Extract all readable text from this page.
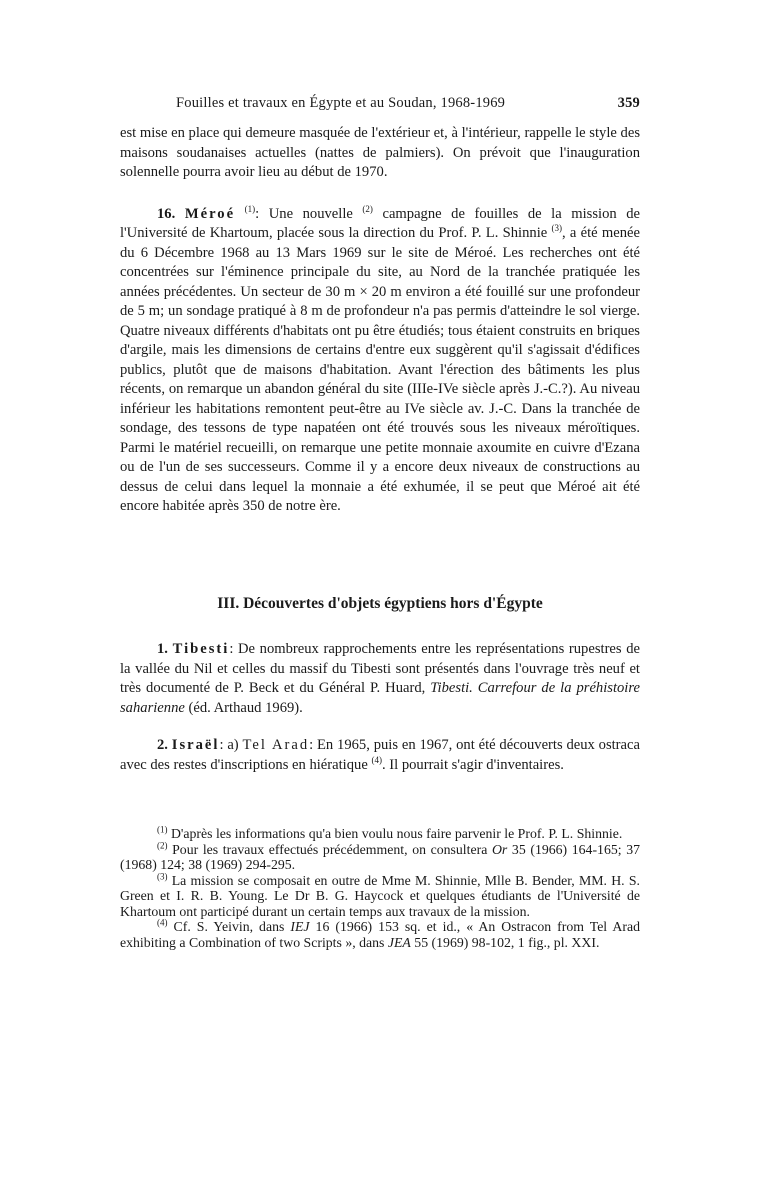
Fouilles et travaux en Égypte et au Soudan, 1968-1969	359

est mise en place qui demeure masquée de l'extérieur et, à l'intérieur, rappelle le style des maisons soudanaises actuelles (nattes de palmiers). On prévoit que l'inauguration solennelle pourra avoir lieu au début de 1970.

16. Méroé $^{(1)}$: Une nouvelle $^{(2)}$ campagne de fouilles de la mission de l'Université de Khartoum, placée sous la direction du Prof. P. L. Shinnie $^{(3)}$, a été menée du 6 Décembre 1968 au 13 Mars 1969 sur le site de Méroé. Les recherches ont été concentrées sur l'éminence principale du site, au Nord de la tranchée pratiquée les années précédentes. Un secteur de 30 m × 20 m environ a été fouillé sur une profondeur de 5 m; un sondage pratiqué à 8 m de profondeur n'a pas permis d'atteindre le sol vierge. Quatre niveaux différents d'habitats ont pu être étudiés; tous étaient construits en briques d'argile, mais les dimensions de certains d'entre eux suggèrent qu'il s'agissait d'édifices publics, plutôt que de maisons d'habitation. Avant l'érection des bâtiments les plus récents, on remarque un abandon général du site (IIIe-IVe siècle après J.-C.?). Au niveau inférieur les habitations remontent peut-être au IVe siècle av. J.-C. Dans la tranchée de sondage, des tessons de type napatéen ont été trouvés sous les niveaux méroïtiques. Parmi le matériel recueilli, on remarque une petite monnaie axoumite en cuivre d'Ezana ou de l'un de ses successeurs. Comme il y a encore deux niveaux de constructions au dessus de celui dans lequel la monnaie a été exhumée, il se peut que Méroé ait été encore habitée après 350 de notre ère.

III. Découvertes d'objets égyptiens hors d'Égypte

1. Tibesti: De nombreux rapprochements entre les représentations rupestres de la vallée du Nil et celles du massif du Tibesti sont présentés dans l'ouvrage très neuf et très documenté de P. Beck et du Général P. Huard, Tibesti. Carrefour de la préhistoire saharienne (éd. Arthaud 1969).

2. Israël: a) Tel Arad: En 1965, puis en 1967, ont été découverts deux ostraca avec des restes d'inscriptions en hiératique $^{(4)}$. Il pourrait s'agir d'inventaires.

$^{(1)}$ D'après les informations qu'a bien voulu nous faire parvenir le Prof. P. L. Shinnie.

$^{(2)}$ Pour les travaux effectués précédemment, on consultera Or 35 (1966) 164-165; 37 (1968) 124; 38 (1969) 294-295.

$^{(3)}$ La mission se composait en outre de Mme M. Shinnie, Mlle B. Bender, MM. H. S. Green et I. R. B. Young. Le Dr B. G. Haycock et quelques étudiants de l'Université de Khartoum ont participé durant un certain temps aux travaux de la mission.

$^{(4)}$ Cf. S. Yeivin, dans IEJ 16 (1966) 153 sq. et id., « An Ostracon from Tel Arad exhibiting a Combination of two Scripts », dans JEA 55 (1969) 98-102, 1 fig., pl. XXI.
